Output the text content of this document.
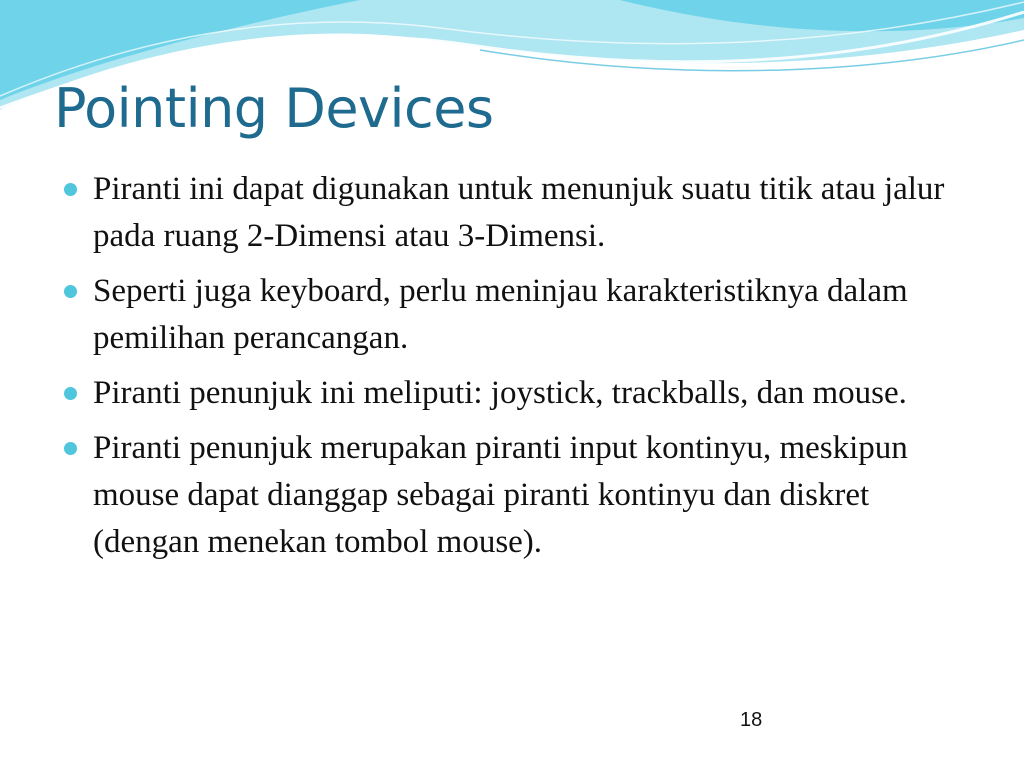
Pointing Devices
Piranti ini dapat digunakan untuk menunjuk suatu titik atau jalur pada ruang 2-Dimensi atau 3-Dimensi.
Seperti juga keyboard, perlu meninjau karakteristiknya dalam pemilihan perancangan.
Piranti penunjuk ini meliputi: joystick, trackballs, dan mouse.
Piranti penunjuk merupakan piranti input kontinyu, meskipun mouse dapat dianggap sebagai piranti kontinyu dan diskret (dengan menekan tombol mouse).
18
